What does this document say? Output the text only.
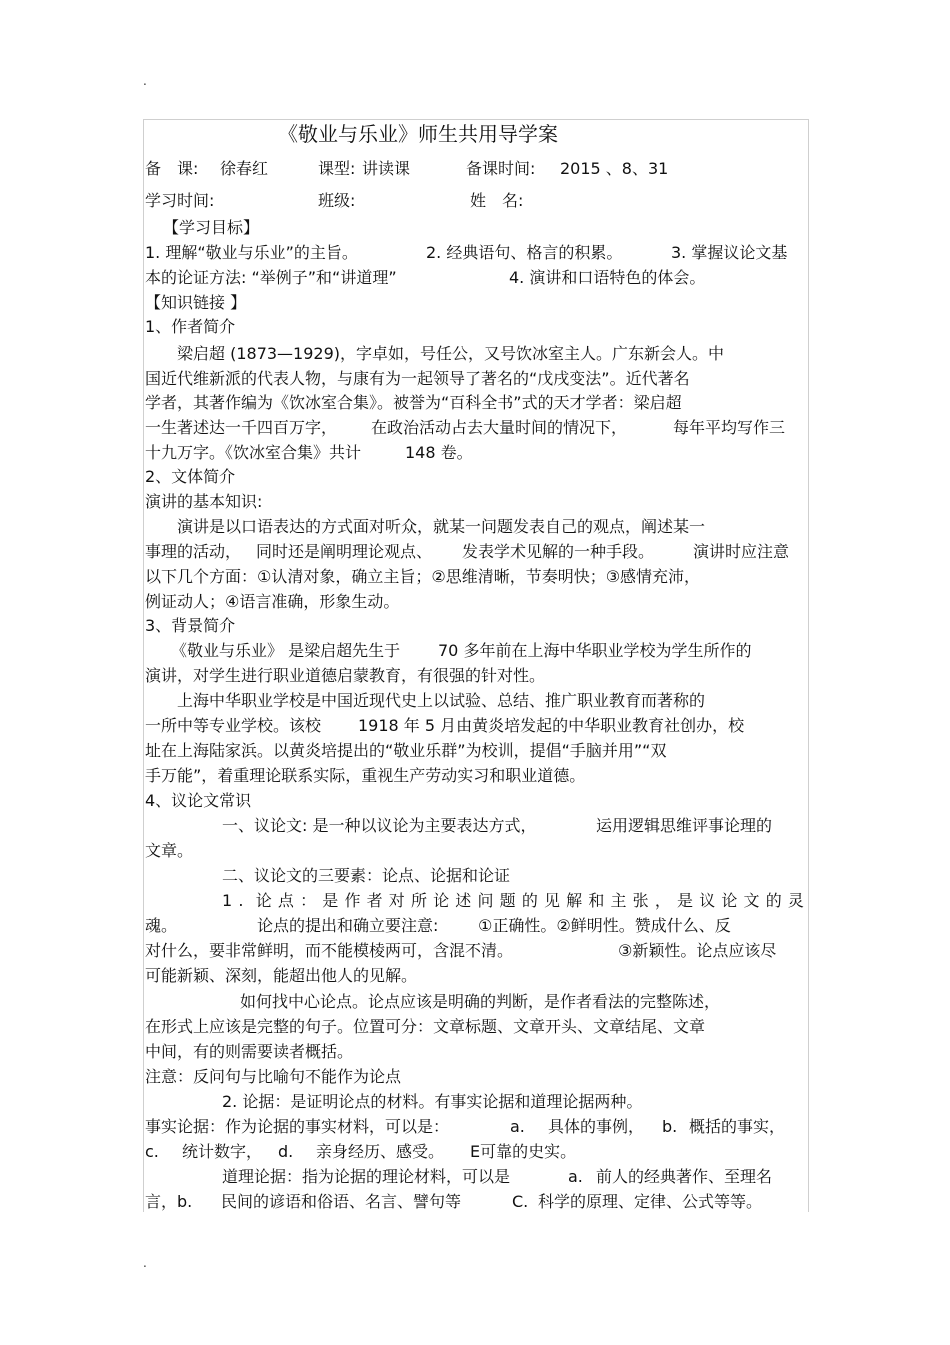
.
.
《敬业与乐业》师生共用导学案
备　课: 徐春红	课型: 讲读课	备课时间: 2015 、8、31
学习时间:	班级:	姓　名:
【学习目标】
1. 理解“敬业与乐业”的主旨。	2. 经典语句、格言的积累。	3. 掌握议论文基
本的论证方法: “举例子”和“讲道理”	4. 演讲和口语特色的体会。
【知识链接 】
1、作者简介
梁启超 (1873—1929)，字卓如，号任公，又号饮冰室主人。广东新会人。中
国近代维新派的代表人物，与康有为一起领导了著名的“戊戌变法”。近代著名
学者，其著作编为《饮冰室合集》。被誉为“百科全书”式的天才学者：梁启超
一生著述达一千四百万字， 在政治活动占去大量时间的情况下，	每年平均写作三
十九万字。《饮冰室合集》共计	148 卷。
2、文体简介
演讲的基本知识:
演讲是以口语表达的方式面对听众，就某一问题发表自己的观点，阐述某一
事理的活动， 同时还是阐明理论观点、 发表学术见解的一种手段。 演讲时应注意
以下几个方面：①认清对象，确立主旨；②思维清晰，节奏明快；③感情充沛，
例证动人；④语言准确，形象生动。
3、背景简介
《敬业与乐业》 是梁启超先生于 70 多年前在上海中华职业学校为学生所作的
演讲，对学生进行职业道德启蒙教育，有很强的针对性。
上海中华职业学校是中国近现代史上以试验、总结、推广职业教育而著称的
一所中等专业学校。该校 1918 年 5 月由黄炎培发起的中华职业教育社创办，校
址在上海陆家浜。以黄炎培提出的“敬业乐群”为校训，提倡“手脑并用”“双
手万能”，着重理论联系实际，重视生产劳动实习和职业道德。
4、议论文常识
一、议论文: 是一种以议论为主要表达方式，	运用逻辑思维评事论理的
文章。
二、议论文的三要素：论点、论据和论证
1 . 论 点 ： 是 作 者 对 所 论 述 问 题 的 见 解 和 主 张 ， 是 议 论 文 的 灵
魂。	论点的提出和确立要注意: ①正确性。②鲜明性。赞成什么、反
对什么，要非常鲜明，而不能模棱两可，含混不清。	③新颖性。论点应该尽
可能新颖、深刻，能超出他人的见解。
如何找中心论点。论点应该是明确的判断，是作者看法的完整陈述，
在形式上应该是完整的句子。位置可分：文章标题、文章开头、文章结尾、文章
中间，有的则需要读者概括。
注意：反问句与比喻句不能作为论点
2. 论据：是证明论点的材料。有事实论据和道理论据两种。
事实论据：作为论据的事实材料，可以是：	a. 具体的事例， b. 概括的事实，
c. 统计数字， d. 亲身经历、感受。 E可靠的史实。
道理论据：指为论据的理论材料，可以是	a. 前人的经典著作、至理名
言，b. 民间的谚语和俗语、名言、譬句等	C. 科学的原理、定律、公式等等。
